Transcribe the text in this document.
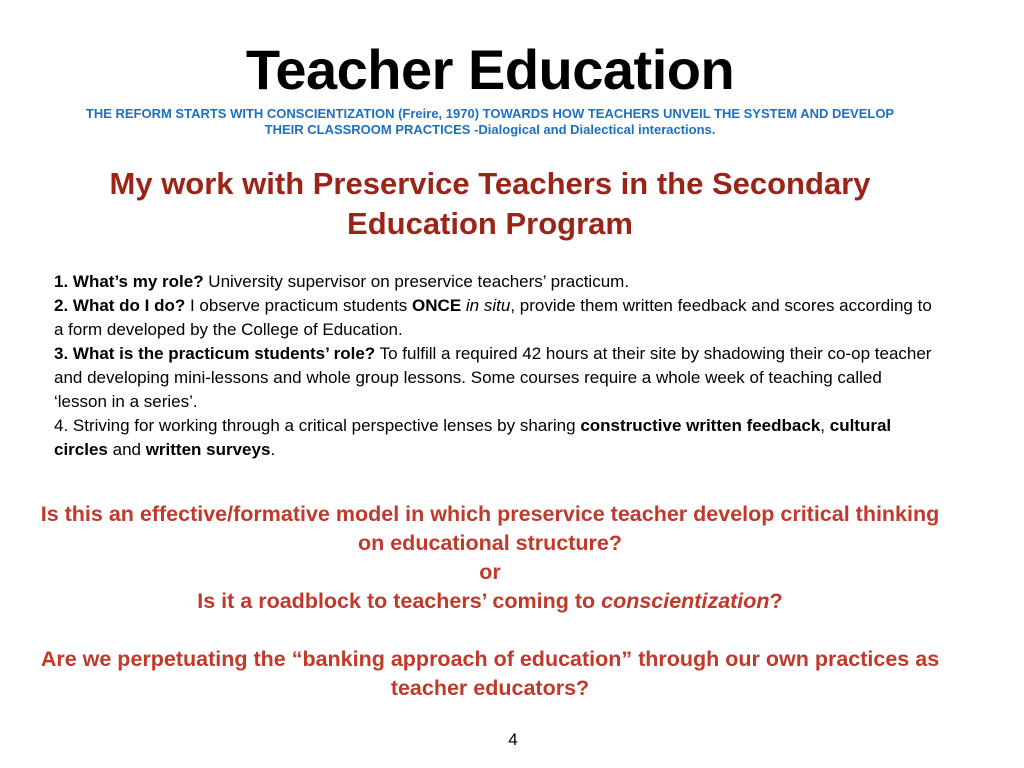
Teacher Education
THE REFORM STARTS WITH CONSCIENTIZATION (Freire, 1970) TOWARDS HOW TEACHERS UNVEIL THE SYSTEM AND DEVELOP THEIR CLASSROOM PRACTICES -Dialogical and Dialectical interactions.
My work with Preservice Teachers in the Secondary Education Program

1. What’s my role? University supervisor on preservice teachers’ practicum.

2. What do I do? I observe practicum students ONCE in situ, provide them written feedback and scores according to a form developed by the College of Education.

3. What is the practicum students’ role? To fulfill a required 42 hours at their site by shadowing their co-op teacher and developing mini-lessons and whole group lessons. Some courses require a whole week of teaching called ‘lesson in a series’.

4. Striving for working through a critical perspective lenses by sharing constructive written feedback, cultural circles and written surveys.

Is this an effective/formative model in which preservice teacher develop critical thinking on educational structure?

or

Is it a roadblock to teachers’ coming to conscientization?

Are we perpetuating the “banking approach of education” through our own practices as teacher educators?

4
